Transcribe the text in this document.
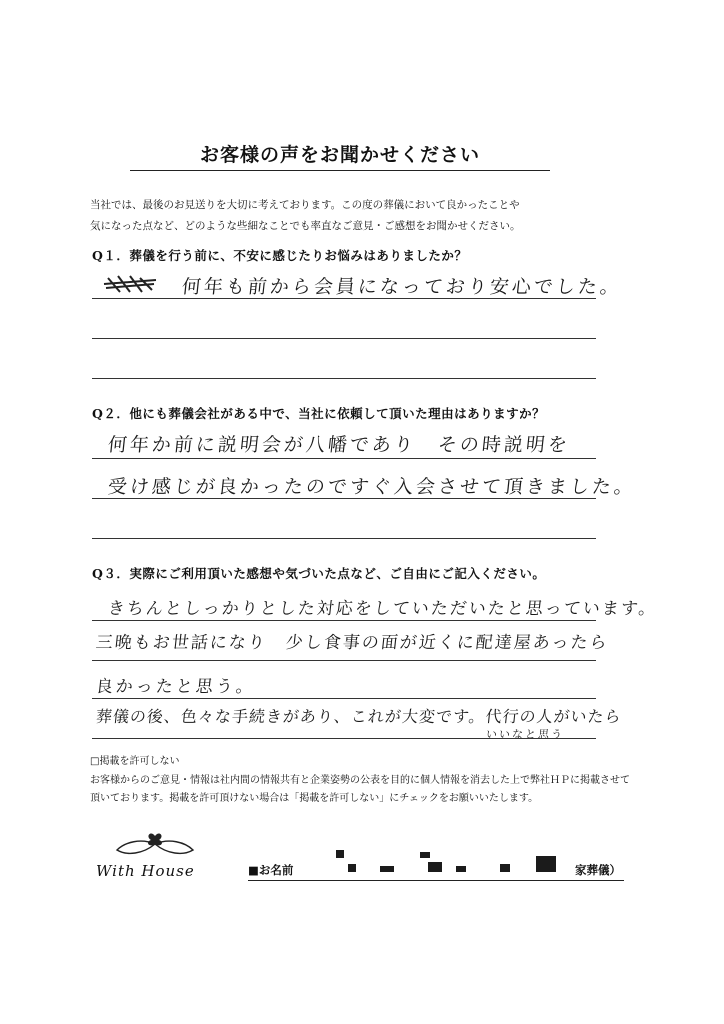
お客様の声をお聞かせください
当社では、最後のお見送りを大切に考えております。この度の葬儀において良かったことや
気になった点など、どのような些細なことでも率直なご意見・ご感想をお聞かせください。
Q１．葬儀を行う前に、不安に感じたりお悩みはありましたか？
何年も前から会員になっており安心でした。
Q２．他にも葬儀会社がある中で、当社に依頼して頂いた理由はありますか？
何年か前に説明会が八幡であり　その時説明を
受け感じが良かったのですぐ入会させて頂きました。
Q３．実際にご利用頂いた感想や気づいた点など、ご自由にご記入ください。
きちんとしっかりとした対応をしていただいたと思っています。
三晩もお世話になり　少し食事の面が近くに配達屋あったら
良かったと思う。
葬儀の後、色々な手続きがあり、これが大変です。代行の人がいたら
いいなと思う
□掲載を許可しない
お客様からのご意見・情報は社内間の情報共有と企業姿勢の公表を目的に個人情報を消去した上で弊社ＨＰに掲載させて
頂いております。掲載を許可頂けない場合は「掲載を許可しない」にチェックをお願いいたします。
With House	■お名前	家葬儀）
